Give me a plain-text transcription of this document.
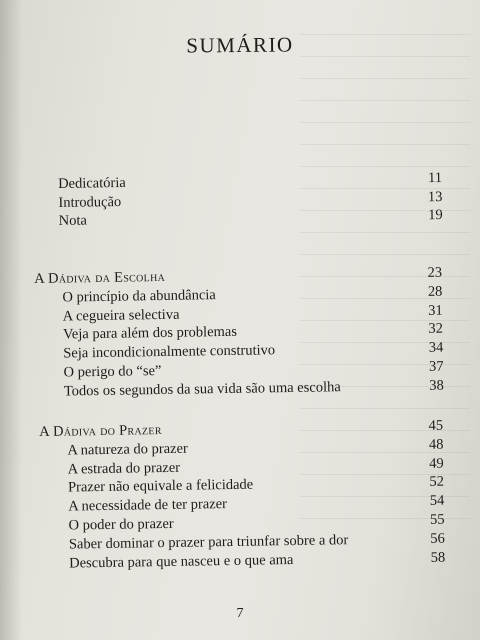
SUMÁRIO
Dedicatória	11
Introdução	13
Nota	19
A Dádiva da Escolha	23
O princípio da abundância	28
A cegueira selectiva	31
Veja para além dos problemas	32
Seja incondicionalmente construtivo	34
O perigo do “se”	37
Todos os segundos da sua vida são uma escolha	38
A Dádiva do Prazer	45
A natureza do prazer	48
A estrada do prazer	49
Prazer não equivale a felicidade	52
A necessidade de ter prazer	54
O poder do prazer	55
Saber dominar o prazer para triunfar sobre a dor	56
Descubra para que nasceu e o que ama	58
7
